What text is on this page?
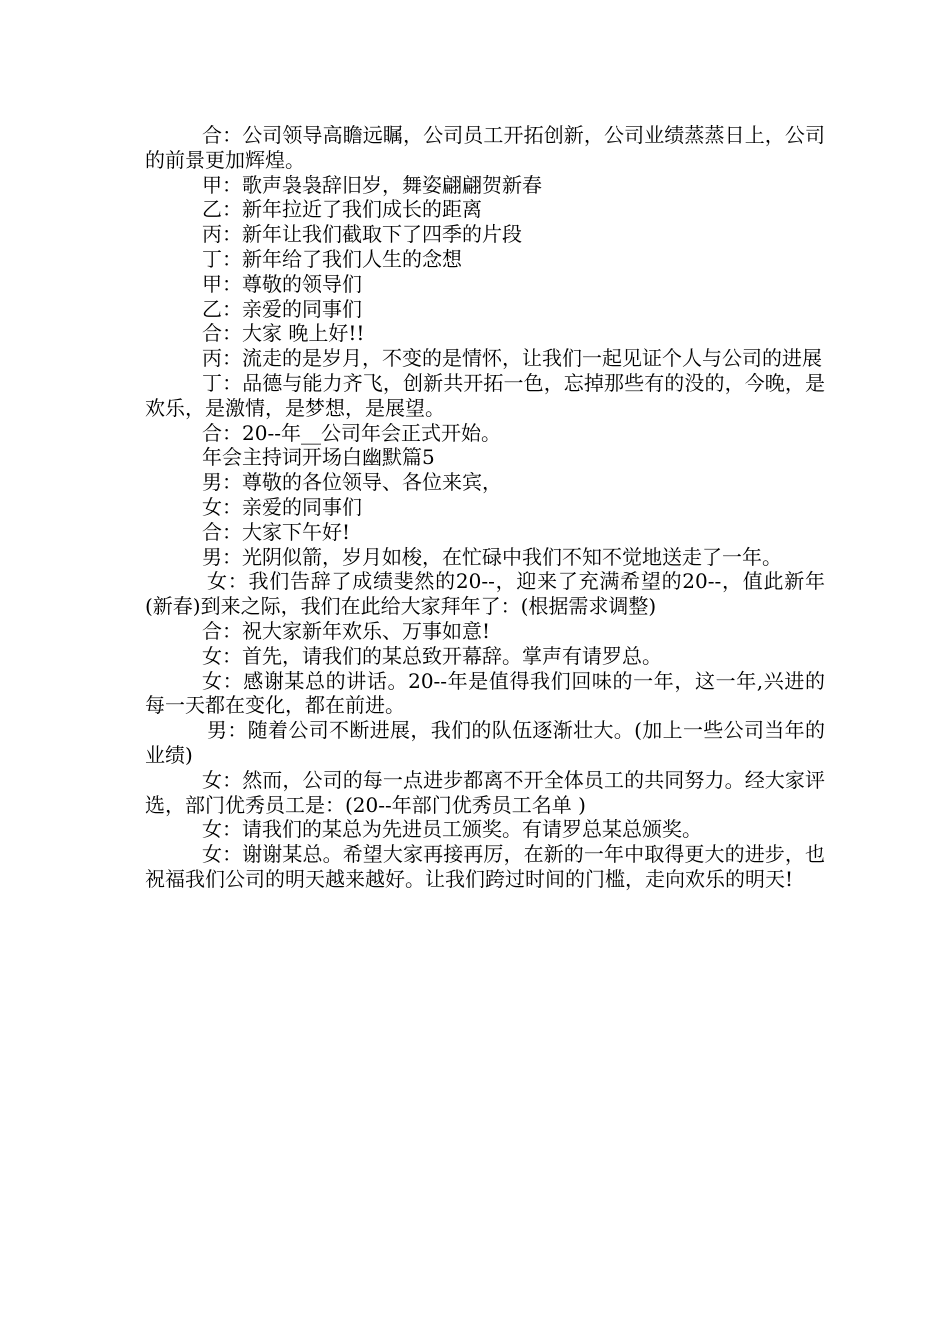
合：公司领导高瞻远瞩，公司员工开拓创新，公司业绩蒸蒸日上，公司的前景更加辉煌。

甲：歌声袅袅辞旧岁，舞姿翩翩贺新春

乙：新年拉近了我们成长的距离

丙：新年让我们截取下了四季的片段

丁：新年给了我们人生的念想

甲：尊敬的领导们

乙：亲爱的同事们

合：大家 晚上好!!

丙：流走的是岁月，不变的是情怀，让我们一起见证个人与公司的进展

丁：品德与能力齐飞，创新共开拓一色，忘掉那些有的没的，今晚，是欢乐，是激情，是梦想，是展望。

合：20--年__公司年会正式开始。

年会主持词开场白幽默篇5

男：尊敬的各位领导、各位来宾，

女：亲爱的同事们

合：大家下午好!

男：光阴似箭，岁月如梭，在忙碌中我们不知不觉地送走了一年。

女：我们告辞了成绩斐然的20--，迎来了充满希望的20--，值此新年(新春)到来之际，我们在此给大家拜年了：(根据需求调整)

合：祝大家新年欢乐、万事如意!

女：首先，请我们的某总致开幕辞。掌声有请罗总。

女：感谢某总的讲话。20--年是值得我们回味的一年，这一年,兴进的每一天都在变化，都在前进。

男：随着公司不断进展，我们的队伍逐渐壮大。(加上一些公司当年的业绩)

女：然而，公司的每一点进步都离不开全体员工的共同努力。经大家评选，部门优秀员工是：(20--年部门优秀员工名单 )

女：请我们的某总为先进员工颁奖。有请罗总某总颁奖。

女：谢谢某总。希望大家再接再厉，在新的一年中取得更大的进步，也祝福我们公司的明天越来越好。让我们跨过时间的门槛，走向欢乐的明天!
